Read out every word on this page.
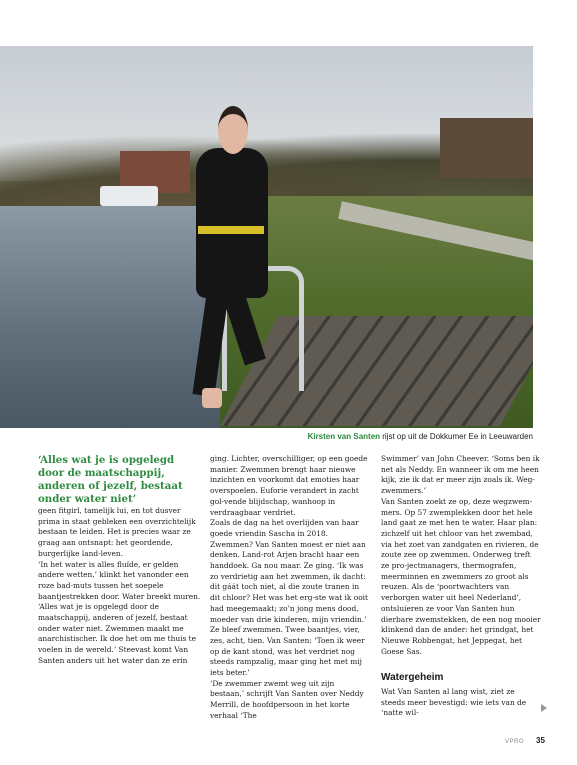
Kirsten van Santen rijst op uit de Dokkumer Ee in Leeuwarden

‘Alles wat je is opgelegd door de maatschappij, anderen of jezelf, bestaat onder water niet’

geen fitgirl, tamelijk lui, en tot dusver prima in staat gebleken een overzichtelijk bestaan te leiden. Het is precies waar ze graag aan ontsnapt: het geordende, burgerlijke land-leven.

‘In het water is alles fluïde, er gelden andere wetten,’ klinkt het vanonder een roze bad-muts tussen het soepele baantjestrekken door. Water breekt muren. ‘Alles wat je is opgelegd door de maatschappij, anderen of jezelf, bestaat onder water niet. Zwemmen maakt me anarchistischer. Ik doe het om me thuis te voelen in de wereld.’ Steevast komt Van Santen anders uit het water dan ze erin

ging. Lichter, overschilliger, op een goede manier. Zwemmen brengt haar nieuwe inzichten en voorkomt dat emoties haar overspoelen. Euforie verandert in zacht gol-vende blijdschap, wanhoop in verdraagbaar verdriet.

Zoals de dag na het overlijden van haar goede vriendin Sascha in 2018. Zwemmen? Van Santen moest er niet aan denken. Land-rot Arjen bracht haar een handdoek. Ga nou maar. Ze ging. ‘Ik was zo verdrietig aan het zwemmen, ik dacht: dit gáát toch niet, al die zoute tranen in dit chloor? Het was het erg-ste wat ik ooit had meegemaakt; zo’n jong mens dood, moeder van drie kinderen, mijn vriendin.’ Ze bleef zwemmen. Twee baantjes, vier, zes, acht, tien. Van Santen: ‘Toen ik weer op de kant stond, was het verdriet nog steeds rampzalig, maar ging het met mij iets beter.’

‘De zwemmer zwemt weg uit zijn bestaan,’ schrijft Van Santen over Neddy Merrill, de hoofdpersoon in het korte verhaal ‘The

Swimmer’ van John Cheever. ‘Soms ben ik net als Neddy. En wanneer ik om me heen kijk, zie ik dat er meer zijn zoals ik. Weg-zwemmers.’

Van Santen zoekt ze op, deze wegzwem-mers. Op 57 zwemplekken door het hele land gaat ze met hen te water. Haar plan: zichzelf uit het chloor van het zwembad, via het zoet van zandgaten en rivieren, de zoute zee op zwemmen. Onderweg treft ze pro-jectmanagers, thermografen, meerminnen en zwemmers zo groot als reuzen. Als de ‘poortwachters van verborgen water uit heel Nederland’, ontsluieren ze voor Van Santen hun dierbare zwemstekken, de een nog mooier klinkend dan de ander: het grindgat, het Nieuwe Robbengat, het Jeppegat, het Goese Sas.

Watergeheim

Wat Van Santen al lang wist, ziet ze steeds meer bevestigd: wie iets van de ‘natte wil-

VPRO 35
